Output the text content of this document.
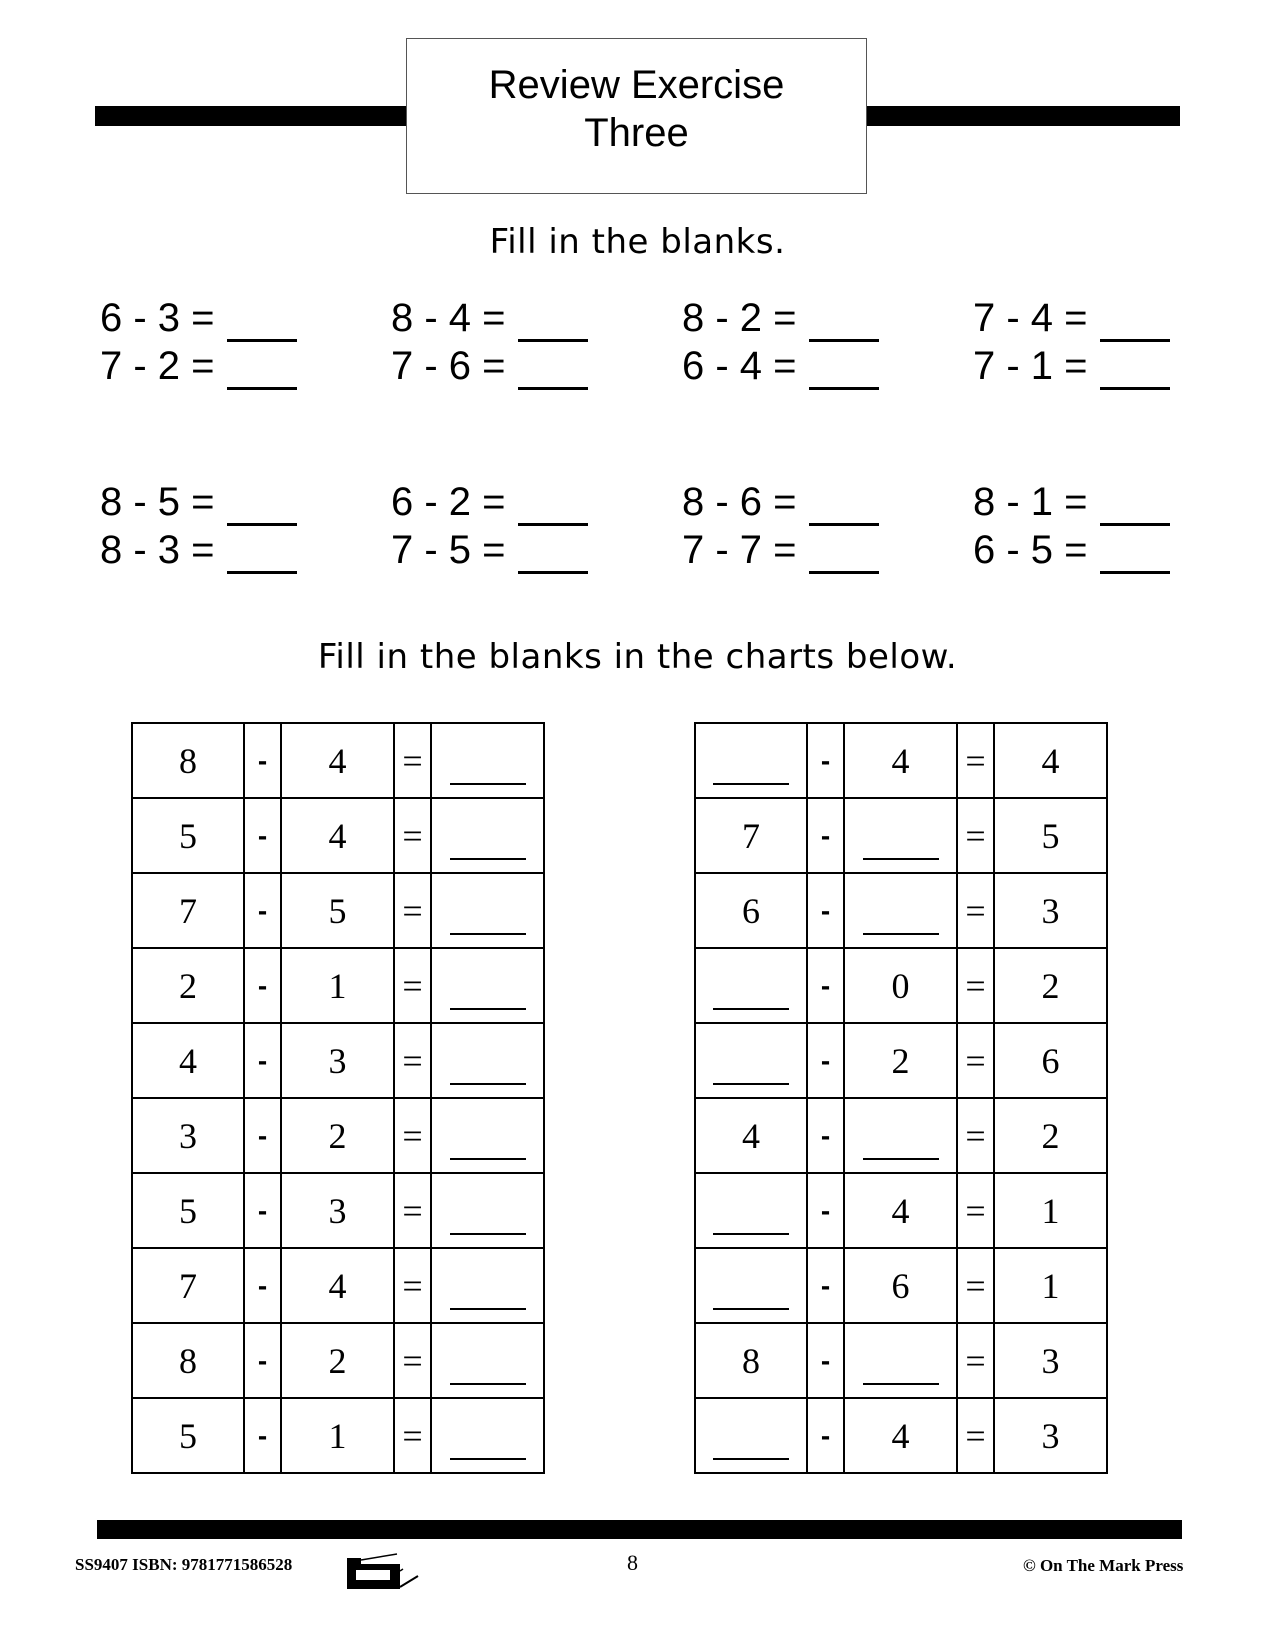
Review Exercise
Three
Fill in the blanks.
6 - 3 =	8 - 4 =	8 - 2 =	7 - 4 =
7 - 2 =	7 - 6 =	6 - 4 =	7 - 1 =
8 - 5 =	6 - 2 =	8 - 6 =	8 - 1 =
8 - 3 =	7 - 5 =	7 - 7 =	6 - 5 =
Fill in the blanks in the charts below.
8	-	4	=	
5	-	4	=	
7	-	5	=	
2	-	1	=	
4	-	3	=	
3	-	2	=	
5	-	3	=	
7	-	4	=	
8	-	2	=	
5	-	1	=	
	-	4	=	4
7	-		=	5
6	-		=	3
	-	0	=	2
	-	2	=	6
4	-		=	2
	-	4	=	1
	-	6	=	1
8	-		=	3
	-	4	=	3
SS9407 ISBN: 9781771586528	8	© On The Mark Press
